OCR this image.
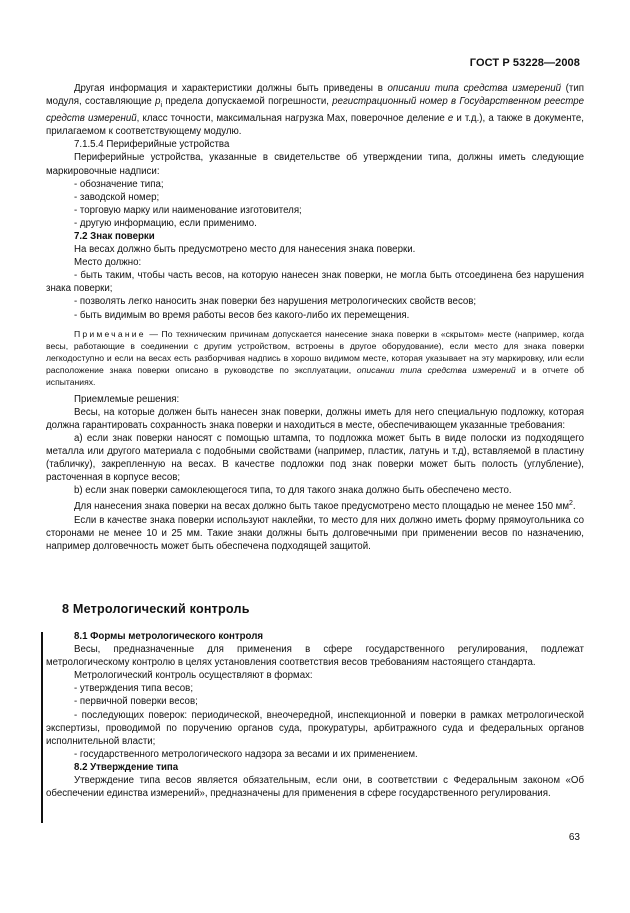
ГОСТ Р 53228—2008

Другая информация и характеристики должны быть приведены в описании типа средства измерений (тип модуля, составляющие $p_i$ предела допускаемой погрешности, регистрационный номер в Государственном реестре средств измерений, класс точности, максимальная нагрузка Max, поверочное деление e и т.д.), а также в документе, прилагаемом к соответствующему модулю.

7.1.5.4 Периферийные устройства

Периферийные устройства, указанные в свидетельстве об утверждении типа, должны иметь следующие маркировочные надписи:

- обозначение типа;

- заводской номер;

- торговую марку или наименование изготовителя;

- другую информацию, если применимо.

7.2 Знак поверки

На весах должно быть предусмотрено место для нанесения знака поверки.

Место должно:

- быть таким, чтобы часть весов, на которую нанесен знак поверки, не могла быть отсоединена без нарушения знака поверки;

- позволять легко наносить знак поверки без нарушения метрологических свойств весов;

- быть видимым во время работы весов без какого-либо их перемещения.

Примечание — По техническим причинам допускается нанесение знака поверки в «скрытом» месте (например, когда весы, работающие в соединении с другим устройством, встроены в другое оборудование), если место для знака поверки легкодоступно и если на весах есть разборчивая надпись в хорошо видимом месте, которая указывает на эту маркировку, или если расположение знака поверки описано в руководстве по эксплуатации, описании типа средства измерений и в отчете об испытаниях.

Приемлемые решения:

Весы, на которые должен быть нанесен знак поверки, должны иметь для него специальную подложку, которая должна гарантировать сохранность знака поверки и находиться в месте, обеспечивающем указанные требования:

а) если знак поверки наносят с помощью штампа, то подложка может быть в виде полоски из подходящего металла или другого материала с подобными свойствами (например, пластик, латунь и т.д), вставляемой в пластину (табличку), закрепленную на весах. В качестве подложки под знак поверки может быть полость (углубление), расточенная в корпусе весов;

b) если знак поверки самоклеющегося типа, то для такого знака должно быть обеспечено место.

Для нанесения знака поверки на весах должно быть такое предусмотрено место площадью не менее 150 $мм^2$.

Если в качестве знака поверки используют наклейки, то место для них должно иметь форму прямоугольника со сторонами не менее 10 и 25 мм. Такие знаки должны быть долговечными при применении весов по назначению, например долговечность может быть обеспечена подходящей защитой.

8 Метрологический контроль

8.1 Формы метрологического контроля

Весы, предназначенные для применения в сфере государственного регулирования, подлежат метрологическому контролю в целях установления соответствия весов требованиям настоящего стандарта.

Метрологический контроль осуществляют в формах:

- утверждения типа весов;

- первичной поверки весов;

- последующих поверок: периодической, внеочередной, инспекционной и поверки в рамках метрологической экспертизы, проводимой по поручению органов суда, прокуратуры, арбитражного суда и федеральных органов исполнительной власти;

- государственного метрологического надзора за весами и их применением.

8.2 Утверждение типа

Утверждение типа весов является обязательным, если они, в соответствии с Федеральным законом «Об обеспечении единства измерений», предназначены для применения в сфере государственного регулирования.

63
